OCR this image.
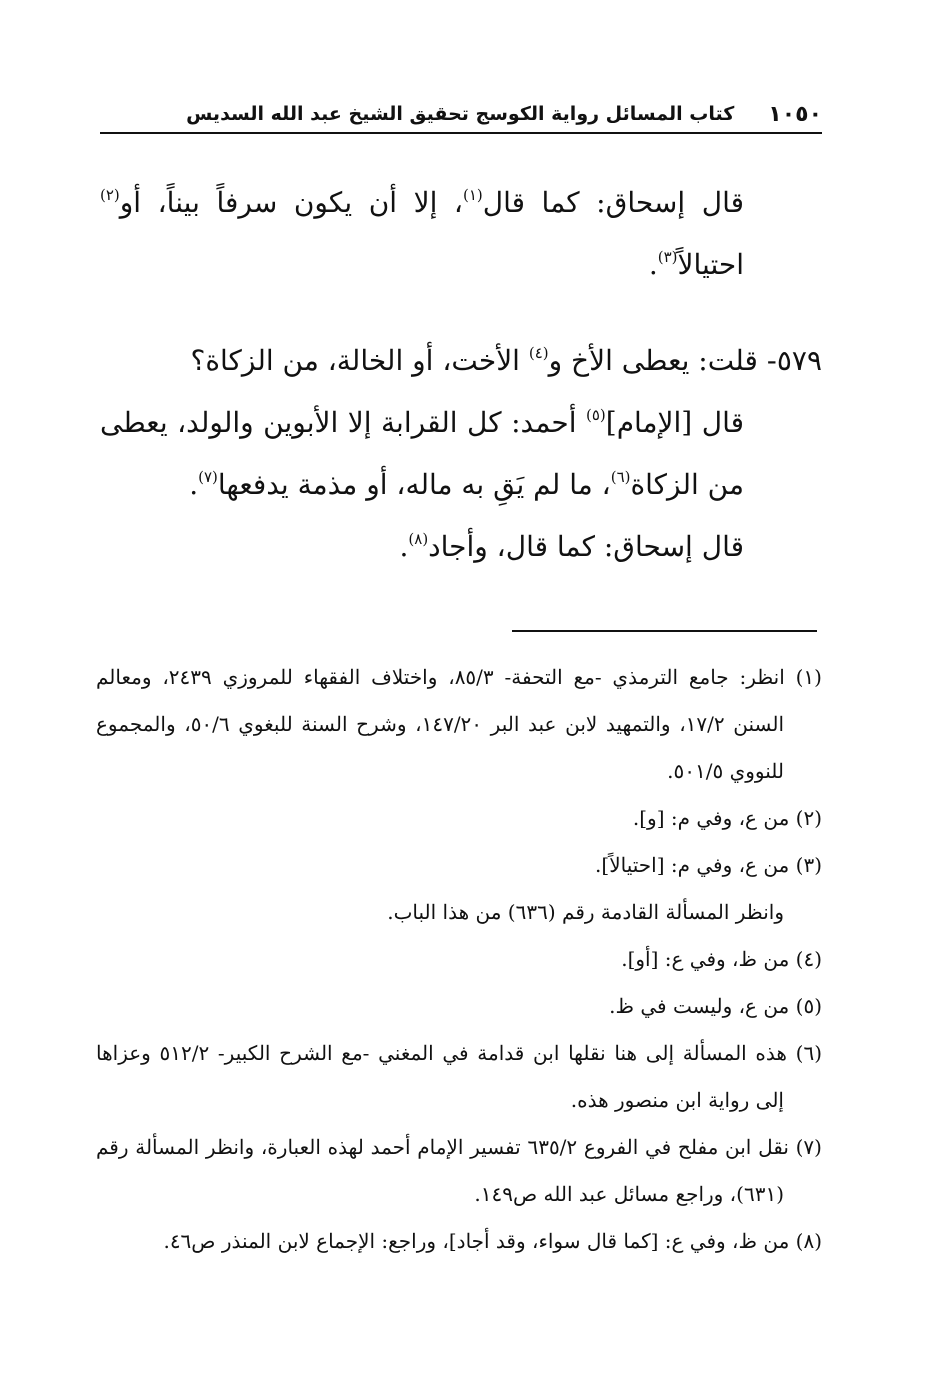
١٠٥٠
كتاب المسائل رواية الكوسج تحقيق الشيخ عبد الله السديس

قال إسحاق: كما قال$^{(١)}$، إلا أن يكون سرفاً بيناً، أو$^{(٢)}$ احتيالاً$^{(٣)}$.

٥٧٩- قلت: يعطى الأخ و$^{(٤)}$ الأخت، أو الخالة، من الزكاة؟

قال [الإمام]$^{(٥)}$ أحمد: كل القرابة إلا الأبوين والولد، يعطى من الزكاة$^{(٦)}$، ما لم يَقِ به ماله، أو مذمة يدفعها$^{(٧)}$.

قال إسحاق: كما قال، وأجاد$^{(٨)}$.

(١) انظر: جامع الترمذي -مع التحفة- ٨٥/٣، واختلاف الفقهاء للمروزي ٢٤٣٩، ومعالم السنن ١٧/٢، والتمهيد لابن عبد البر ١٤٧/٢٠، وشرح السنة للبغوي ٥٠/٦، والمجموع للنووي ٥٠١/٥.

(٢) من ع، وفي م: [و].

(٣) من ع، وفي م: [احتيالاً].

وانظر المسألة القادمة رقم (٦٣٦) من هذا الباب.

(٤) من ظ، وفي ع: [أو].

(٥) من ع، وليست في ظ.

(٦) هذه المسألة إلى هنا نقلها ابن قدامة في المغني -مع الشرح الكبير- ٥١٢/٢ وعزاها إلى رواية ابن منصور هذه.

(٧) نقل ابن مفلح في الفروع ٦٣٥/٢ تفسير الإمام أحمد لهذه العبارة، وانظر المسألة رقم (٦٣١)، وراجع مسائل عبد الله ص١٤٩.

(٨) من ظ، وفي ع: [كما قال سواء، وقد أجاد]، وراجع: الإجماع لابن المنذر ص٤٦.
